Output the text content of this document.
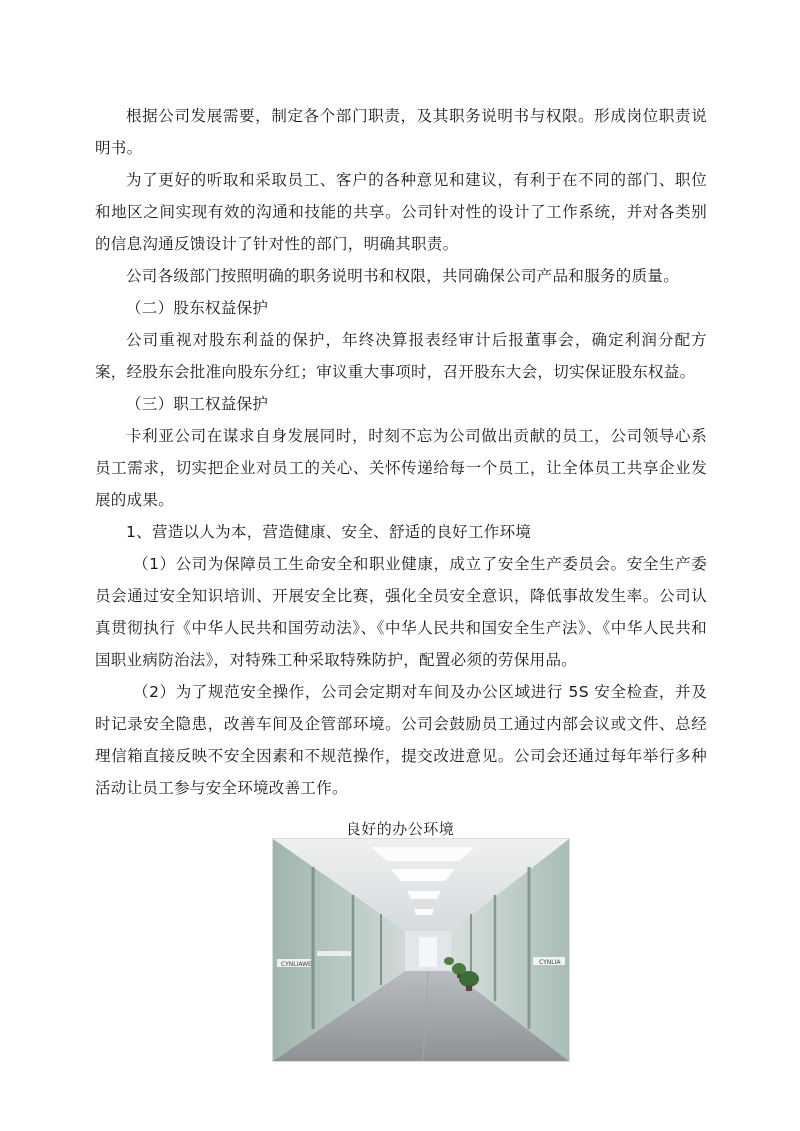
根据公司发展需要，制定各个部门职责，及其职务说明书与权限。形成岗位职责说明书。

为了更好的听取和采取员工、客户的各种意见和建议，有利于在不同的部门、职位和地区之间实现有效的沟通和技能的共享。公司针对性的设计了工作系统，并对各类别的信息沟通反馈设计了针对性的部门，明确其职责。

公司各级部门按照明确的职务说明书和权限，共同确保公司产品和服务的质量。

（二）股东权益保护

公司重视对股东利益的保护，年终决算报表经审计后报董事会，确定利润分配方案，经股东会批准向股东分红；审议重大事项时，召开股东大会，切实保证股东权益。

（三）职工权益保护

卡利亚公司在谋求自身发展同时，时刻不忘为公司做出贡献的员工，公司领导心系员工需求，切实把企业对员工的关心、关怀传递给每一个员工，让全体员工共享企业发展的成果。

1、营造以人为本，营造健康、安全、舒适的良好工作环境

（1）公司为保障员工生命安全和职业健康，成立了安全生产委员会。安全生产委员会通过安全知识培训、开展安全比赛，强化全员安全意识，降低事故发生率。公司认真贯彻执行《中华人民共和国劳动法》、《中华人民共和国安全生产法》、《中华人民共和国职业病防治法》，对特殊工种采取特殊防护，配置必须的劳保用品。

（2）为了规范安全操作，公司会定期对车间及办公区域进行 5S 安全检查，并及时记录安全隐患，改善车间及企管部环境。公司会鼓励员工通过内部会议或文件、总经理信箱直接反映不安全因素和不规范操作，提交改进意见。公司会还通过每年举行多种活动让员工参与安全环境改善工作。

良好的办公环境
CYNLIAWE	CYNLIA
